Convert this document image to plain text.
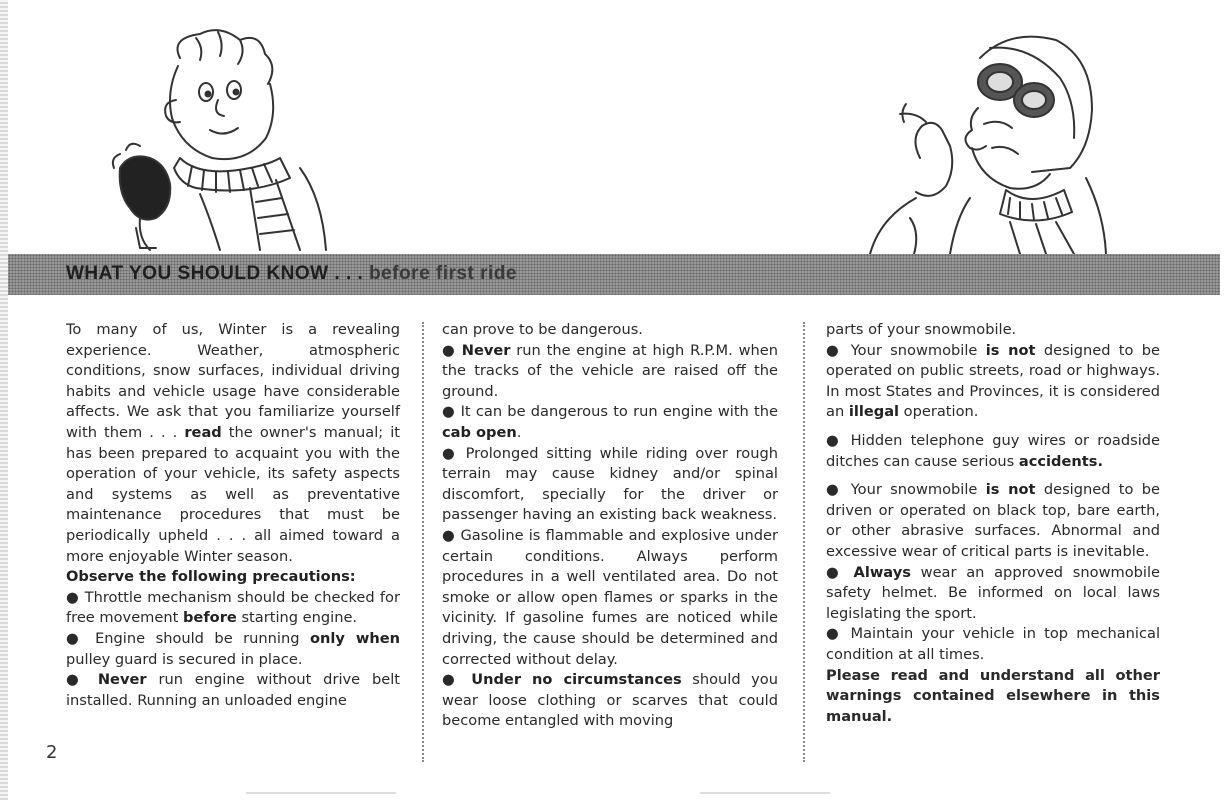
WHAT YOU SHOULD KNOW . . . before first ride

To many of us, Winter is a revealing experience. Weather, atmospheric conditions, snow surfaces, individual driving habits and vehicle usage have considerable affects. We ask that you familiarize yourself with them . . . read the owner's manual; it has been prepared to acquaint you with the operation of your vehicle, its safety aspects and systems as well as preventative maintenance procedures that must be periodically upheld . . . all aimed toward a more enjoyable Winter season.

Observe the following precautions:

● Throttle mechanism should be checked for free movement before starting engine.

● Engine should be running only when pulley guard is secured in place.

● Never run engine without drive belt installed. Running an unloaded engine

can prove to be dangerous.

● Never run the engine at high R.P.M. when the tracks of the vehicle are raised off the ground.

● It can be dangerous to run engine with the cab open.

● Prolonged sitting while riding over rough terrain may cause kidney and/or spinal discomfort, specially for the driver or passenger having an existing back weakness.

● Gasoline is flammable and explosive under certain conditions. Always perform procedures in a well ventilated area. Do not smoke or allow open flames or sparks in the vicinity. If gasoline fumes are noticed while driving, the cause should be determined and corrected without delay.

● Under no circumstances should you wear loose clothing or scarves that could become entangled with moving

parts of your snowmobile.

● Your snowmobile is not designed to be operated on public streets, road or highways. In most States and Provinces, it is considered an illegal operation.

● Hidden telephone guy wires or roadside ditches can cause serious accidents.

● Your snowmobile is not designed to be driven or operated on black top, bare earth, or other abrasive surfaces. Abnormal and excessive wear of critical parts is inevitable.

● Always wear an approved snowmobile safety helmet. Be informed on local laws legislating the sport.

● Maintain your vehicle in top mechanical condition at all times.

Please read and understand all other warnings contained elsewhere in this manual.

2
